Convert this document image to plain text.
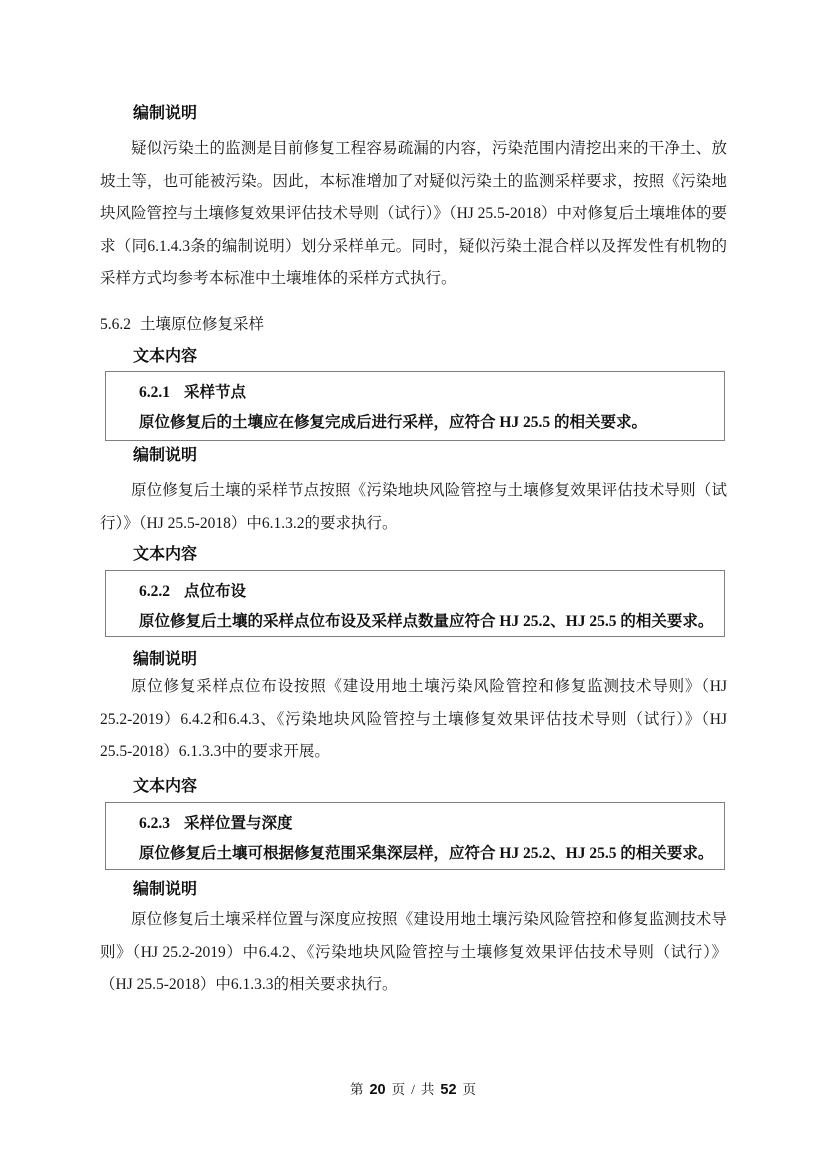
编制说明
疑似污染土的监测是目前修复工程容易疏漏的内容，污染范围内清挖出来的干净土、放坡土等，也可能被污染。因此，本标准增加了对疑似污染土的监测采样要求，按照《污染地块风险管控与土壤修复效果评估技术导则（试行）》（HJ 25.5-2018）中对修复后土壤堆体的要求（同6.1.4.3条的编制说明）划分采样单元。同时，疑似污染土混合样以及挥发性有机物的采样方式均参考本标准中土壤堆体的采样方式执行。
5.6.2 土壤原位修复采样
文本内容
6.2.1 采样节点
原位修复后的土壤应在修复完成后进行采样，应符合 HJ 25.5 的相关要求。
编制说明
原位修复后土壤的采样节点按照《污染地块风险管控与土壤修复效果评估技术导则（试行）》（HJ 25.5-2018）中6.1.3.2的要求执行。
文本内容
6.2.2 点位布设
原位修复后土壤的采样点位布设及采样点数量应符合 HJ 25.2、HJ 25.5 的相关要求。
编制说明
原位修复采样点位布设按照《建设用地土壤污染风险管控和修复监测技术导则》（HJ 25.2-2019）6.4.2和6.4.3、《污染地块风险管控与土壤修复效果评估技术导则（试行）》（HJ 25.5-2018）6.1.3.3中的要求开展。
文本内容
6.2.3 采样位置与深度
原位修复后土壤可根据修复范围采集深层样，应符合 HJ 25.2、HJ 25.5 的相关要求。
编制说明
原位修复后土壤采样位置与深度应按照《建设用地土壤污染风险管控和修复监测技术导则》（HJ 25.2-2019）中6.4.2、《污染地块风险管控与土壤修复效果评估技术导则（试行）》（HJ 25.5-2018）中6.1.3.3的相关要求执行。
第 20 页 / 共 52 页
